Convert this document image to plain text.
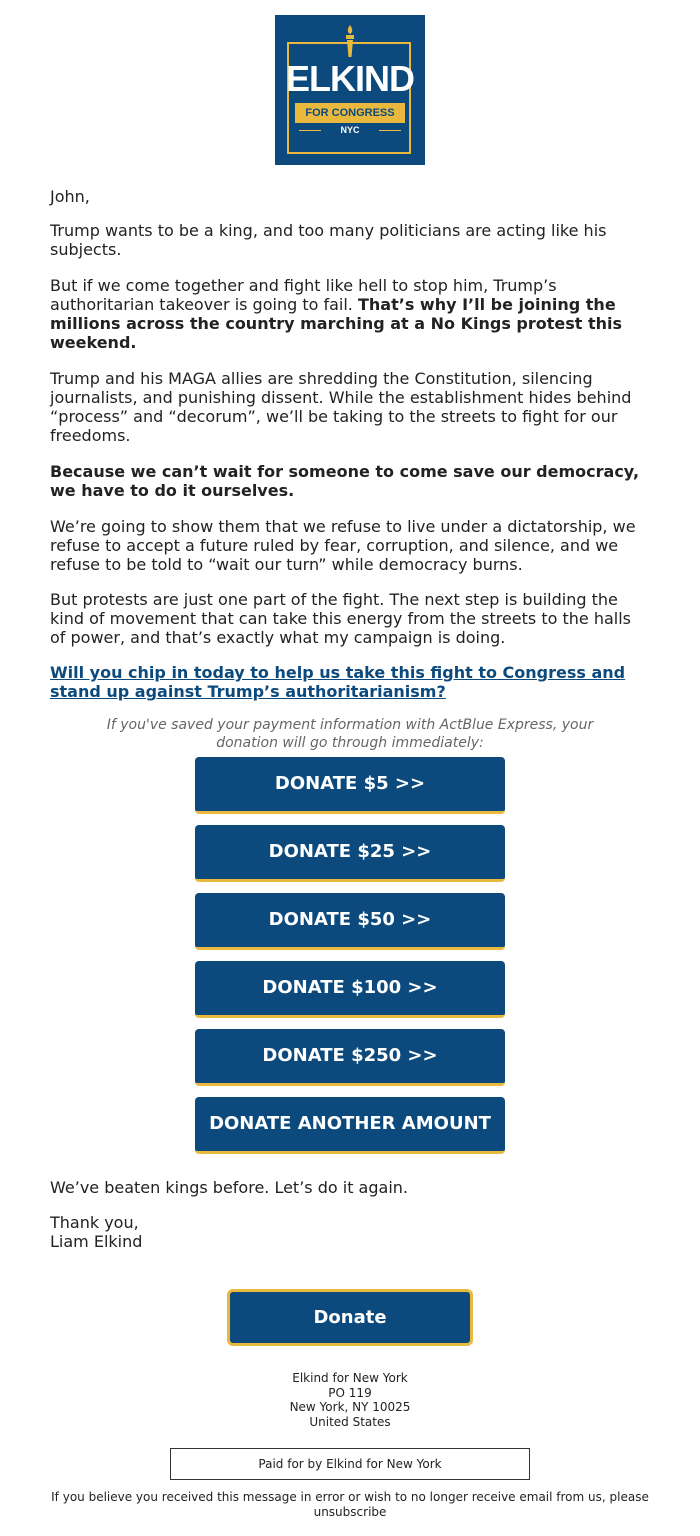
ELKIND
FOR CONGRESS
NYC

John,

Trump wants to be a king, and too many politicians are acting like his subjects.

But if we come together and fight like hell to stop him, Trump’s authoritarian takeover is going to fail. That’s why I’ll be joining the millions across the country marching at a No Kings protest this weekend.

Trump and his MAGA allies are shredding the Constitution, silencing journalists, and punishing dissent. While the establishment hides behind “process” and “decorum”, we’ll be taking to the streets to fight for our freedoms.

Because we can’t wait for someone to come save our democracy, we have to do it ourselves.

We’re going to show them that we refuse to live under a dictatorship, we refuse to accept a future ruled by fear, corruption, and silence, and we refuse to be told to “wait our turn” while democracy burns.

But protests are just one part of the fight. The next step is building the kind of movement that can take this energy from the streets to the halls of power, and that’s exactly what my campaign is doing.

Will you chip in today to help us take this fight to Congress and stand up against Trump’s authoritarianism?

If you've saved your payment information with ActBlue Express, your donation will go through immediately:

DONATE $5 >>
DONATE $25 >>
DONATE $50 >>
DONATE $100 >>
DONATE $250 >>
DONATE ANOTHER AMOUNT

We’ve beaten kings before. Let’s do it again.

Thank you,

Liam Elkind

Donate
Elkind for New York
PO 119
New York, NY 10025
United States
Paid for by Elkind for New York
If you believe you received this message in error or wish to no longer receive email from us, please unsubscribe
